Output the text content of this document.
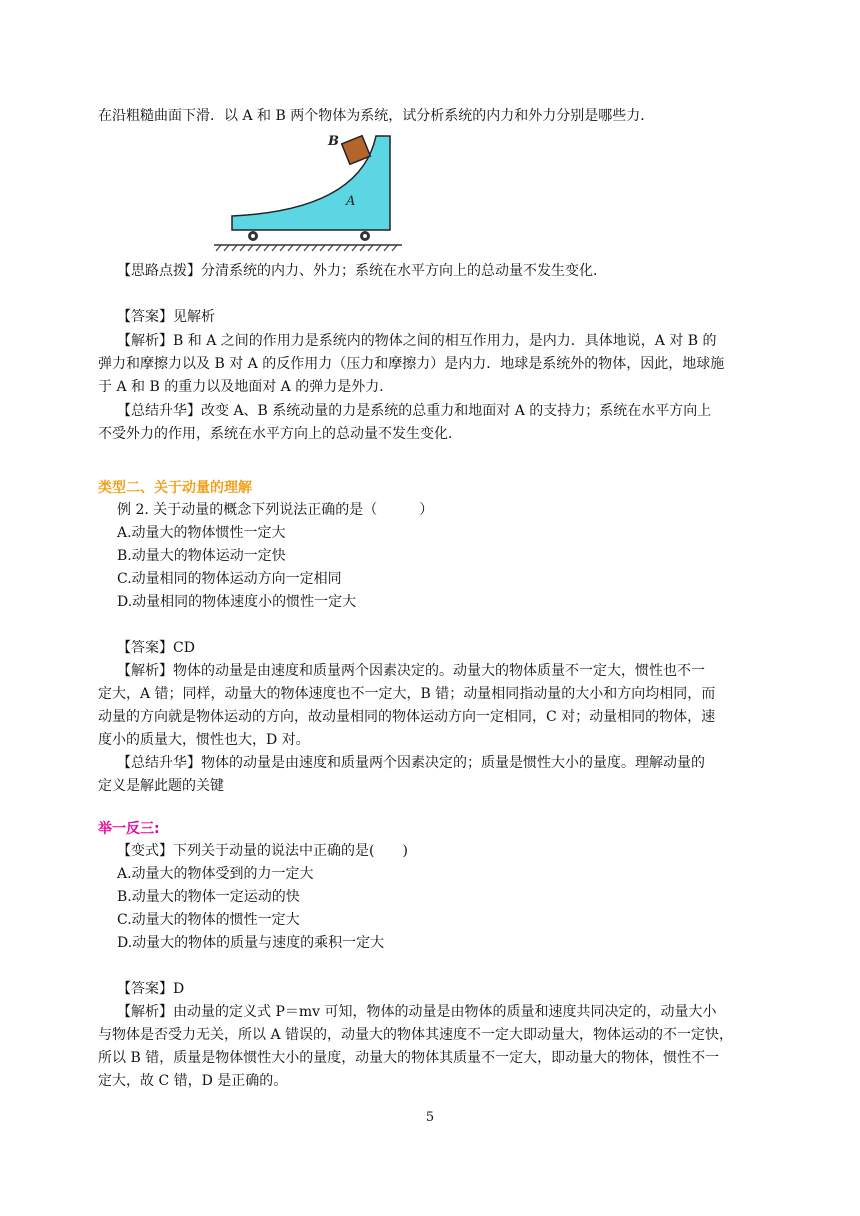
在沿粗糙曲面下滑．以 A 和 B 两个物体为系统，试分析系统的内力和外力分别是哪些力．
B
A
【思路点拨】分清系统的内力、外力；系统在水平方向上的总动量不发生变化．
【答案】见解析
【解析】B 和 A 之间的作用力是系统内的物体之间的相互作用力，是内力．具体地说，A 对 B 的
弹力和摩擦力以及 B 对 A 的反作用力（压力和摩擦力）是内力．地球是系统外的物体，因此，地球施
于 A 和 B 的重力以及地面对 A 的弹力是外力．
【总结升华】改变 A、B 系统动量的力是系统的总重力和地面对 A 的支持力；系统在水平方向上
不受外力的作用，系统在水平方向上的总动量不发生变化．
类型二、关于动量的理解
例 2. 关于动量的概念下列说法正确的是（　　　）
A.动量大的物体惯性一定大
B.动量大的物体运动一定快
C.动量相同的物体运动方向一定相同
D.动量相同的物体速度小的惯性一定大
【答案】CD
【解析】物体的动量是由速度和质量两个因素决定的。动量大的物体质量不一定大，惯性也不一
定大，A 错；同样，动量大的物体速度也不一定大，B 错；动量相同指动量的大小和方向均相同，而
动量的方向就是物体运动的方向，故动量相同的物体运动方向一定相同，C 对；动量相同的物体，速
度小的质量大，惯性也大，D 对。
【总结升华】物体的动量是由速度和质量两个因素决定的；质量是惯性大小的量度。理解动量的
定义是解此题的关键
举一反三:
【变式】下列关于动量的说法中正确的是(　　)
A.动量大的物体受到的力一定大
B.动量大的物体一定运动的快
C.动量大的物体的惯性一定大
D.动量大的物体的质量与速度的乘积一定大
【答案】D
【解析】由动量的定义式 P＝mv 可知，物体的动量是由物体的质量和速度共同决定的，动量大小
与物体是否受力无关，所以 A 错误的，动量大的物体其速度不一定大即动量大，物体运动的不一定快，
所以 B 错，质量是物体惯性大小的量度，动量大的物体其质量不一定大，即动量大的物体，惯性不一
定大，故 C 错，D 是正确的。
5
